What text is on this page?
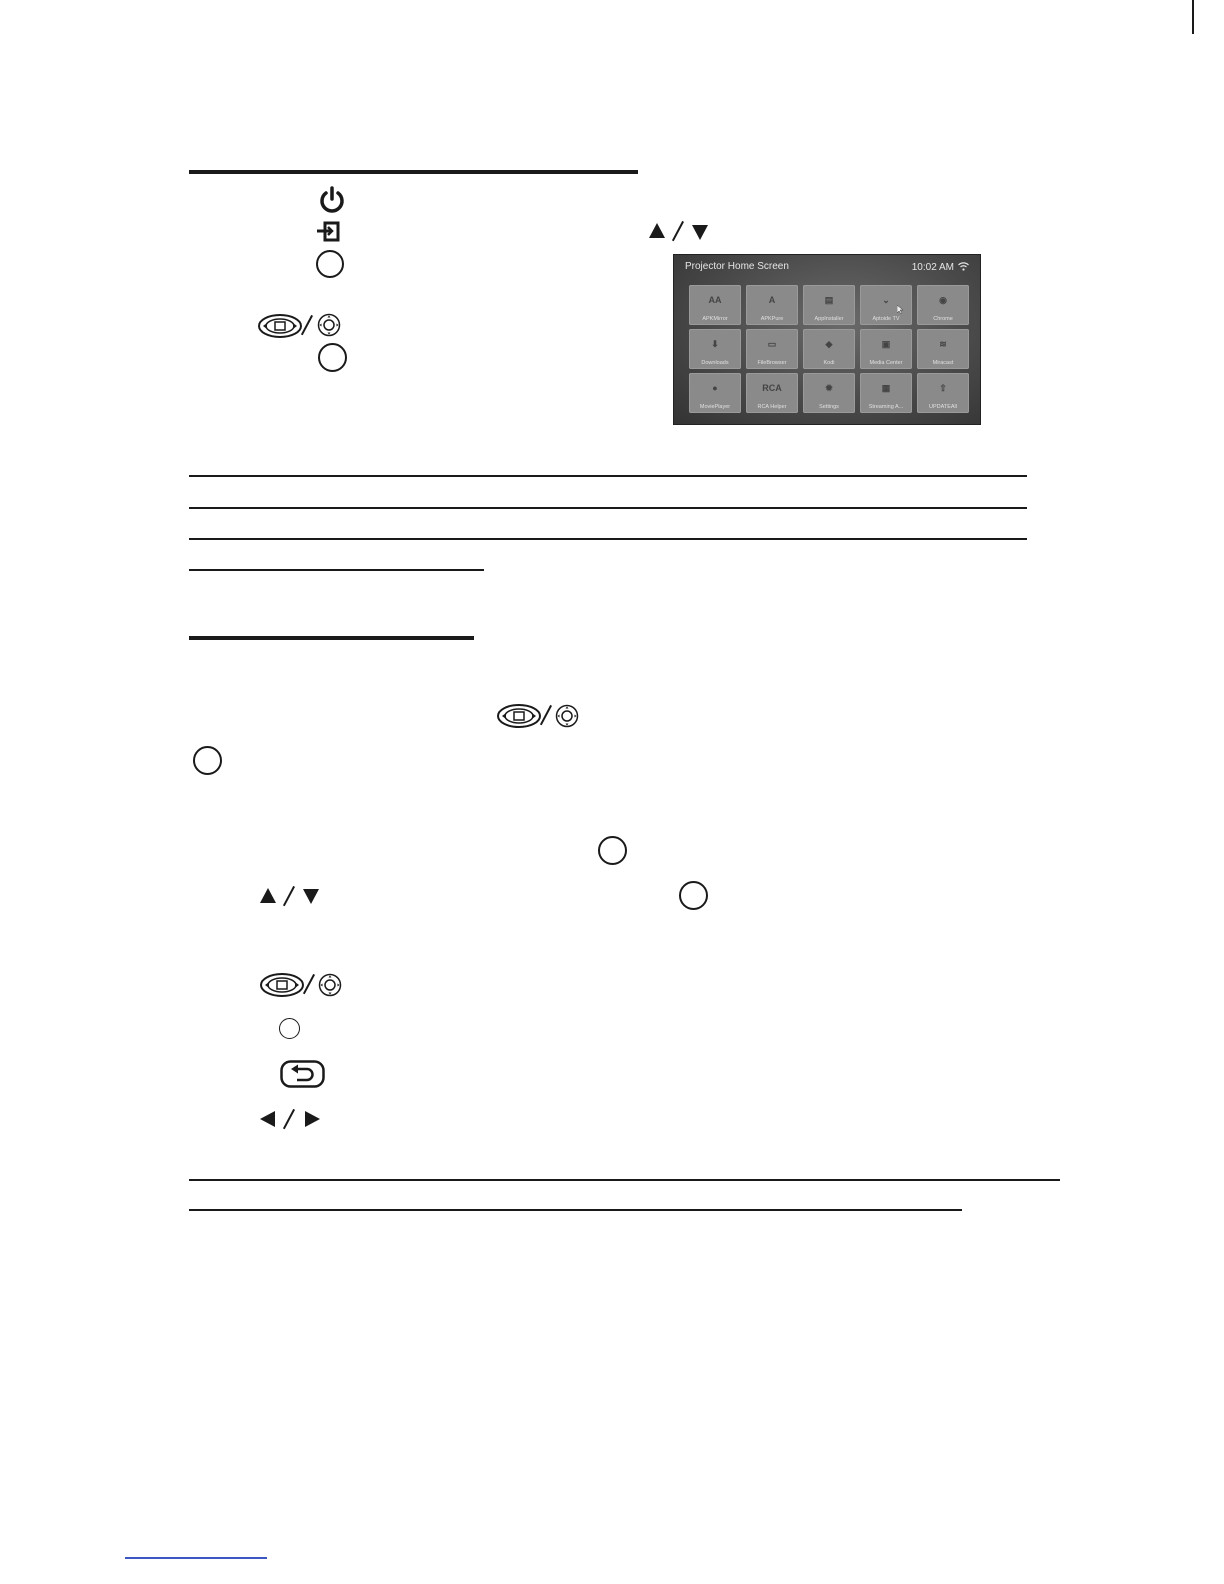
Projector Home Screen	10:02 AM
AA
APKMirror
A
APKPure
▤
AppInstaller
⌄
Aptoide TV
◉
Chrome
⬇
Downloads
▭
FileBrowser
◆
Kodi
▣
Media Center
≋
Miracast
●
MoviePlayer
RCA
RCA Helper
✹
Settings
▦
Streaming A...
⇧
UPDATEAll
